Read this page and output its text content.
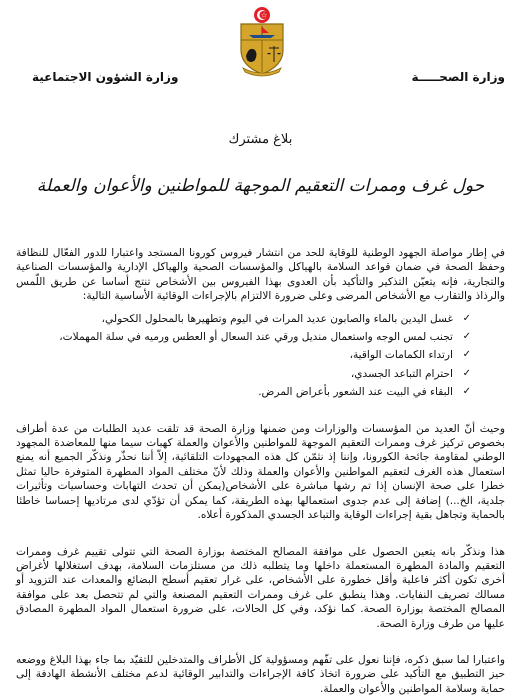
وزارة الصحـــــة
وزارة الشؤون الاجتماعية
بلاغ مشترك
حول غرف وممرات التعقيم الموجهة للمواطنين والأعوان والعملة

في إطار مواصلة الجهود الوطنية للوقاية للحد من انتشار فيروس كورونا المستجد واعتبارا للدور الفعّال للنظافة وحفظ الصحة في ضمان قواعد السلامة بالهياكل والمؤسسات الصحية والهياكل الإدارية والمؤسسات الصناعية والتجارية، فإنه يتعيّن التذكير والتأكيد بأن العدوى بهذا الفيروس بين الأشخاص تنتج أساسا عن طريق اللّمس والرذاذ والتقارب مع الأشخاص المرضى وعلى ضرورة الالتزام بالإجراءات الوقائية الأساسية التالية:

✓
غسل اليدين بالماء والصابون عديد المرات في اليوم وتطهيرها بالمحلول الكحولي،
✓
تجنب لمس الوجه واستعمال منديل ورقي عند السعال أو العطس ورميه في سلة المهملات،
✓
ارتداء الكمامات الواقية،
✓
احترام التباعد الجسدي،
✓
البقاء في البيت عند الشعور بأعراض المرض.

وحيث أنّ العديد من المؤسسات والوزارات ومن ضمنها وزارة الصحة قد تلقت عديد الطلبات من عدة أطراف بخصوص تركيز غرف وممرات التعقيم الموجهة للمواطنين والأعوان والعملة كهبات سيما منها للمعاضدة المجهود الوطني لمقاومة جائحة الكورونا، وإننا إذ نثمّن كل هذه المجهودات التلقائية، إلاّ أننا نحذّر ونذكّر الجميع أنه يمنع استعمال هذه الغرف لتعقيم المواطنين والأعوان والعملة وذلك لأنّ مختلف المواد المطهرة المتوفرة حاليا تمثل خطرا على صحة الإنسان إذا تم رشها مباشرة على الأشخاص(يمكن أن تحدث التهابات وحساسيات وتأثيرات جلدية، الخ...) إضافة إلى عدم جدوى استعمالها بهذه الطريقة، كما يمكن أن تؤدّي لدى مرتاديها إحساسا خاطئا بالحماية وتجاهل بقية إجراءات الوقاية والتباعد الجسدي المذكورة أعلاه.

هذا ونذكّر بانه يتعين الحصول على موافقة المصالح المختصة بوزارة الصحة التي تتولى تقييم غرف وممرات التعقيم والمادة المطهرة المستعملة داخلها وما يتطلبه ذلك من مستلزمات السلامة، بهدف استغلالها لأغراض أخرى تكون أكثر فاعلية وأقل خطورة على الأشخاص، على غرار تعقيم أسطح البضائع والمعدات عند التزويد أو مسالك تصريف النفايات. وهذا ينطبق على غرف وممرات التعقيم المصنعة والتي لم تتحصل بعد على موافقة المصالح المختصة بوزارة الصحة. كما نؤكد، وفي كل الحالات، على ضرورة استعمال المواد المطهرة المصادق عليها من طرف وزارة الصحة.

واعتبارا لما سبق ذكره، فإننا نعول على تفّهم ومسؤولية كل الأطراف والمتدخلين للتقيّد بما جاء بهذا البلاغ ووضعه حيز التطبيق مع التأكيد على ضرورة اتخاذ كافة الإجراءات والتدابير الوقائية لدعم مختلف الأنشطة الهادفة إلى حماية وسلامة المواطنين والأعوان والعملة.
